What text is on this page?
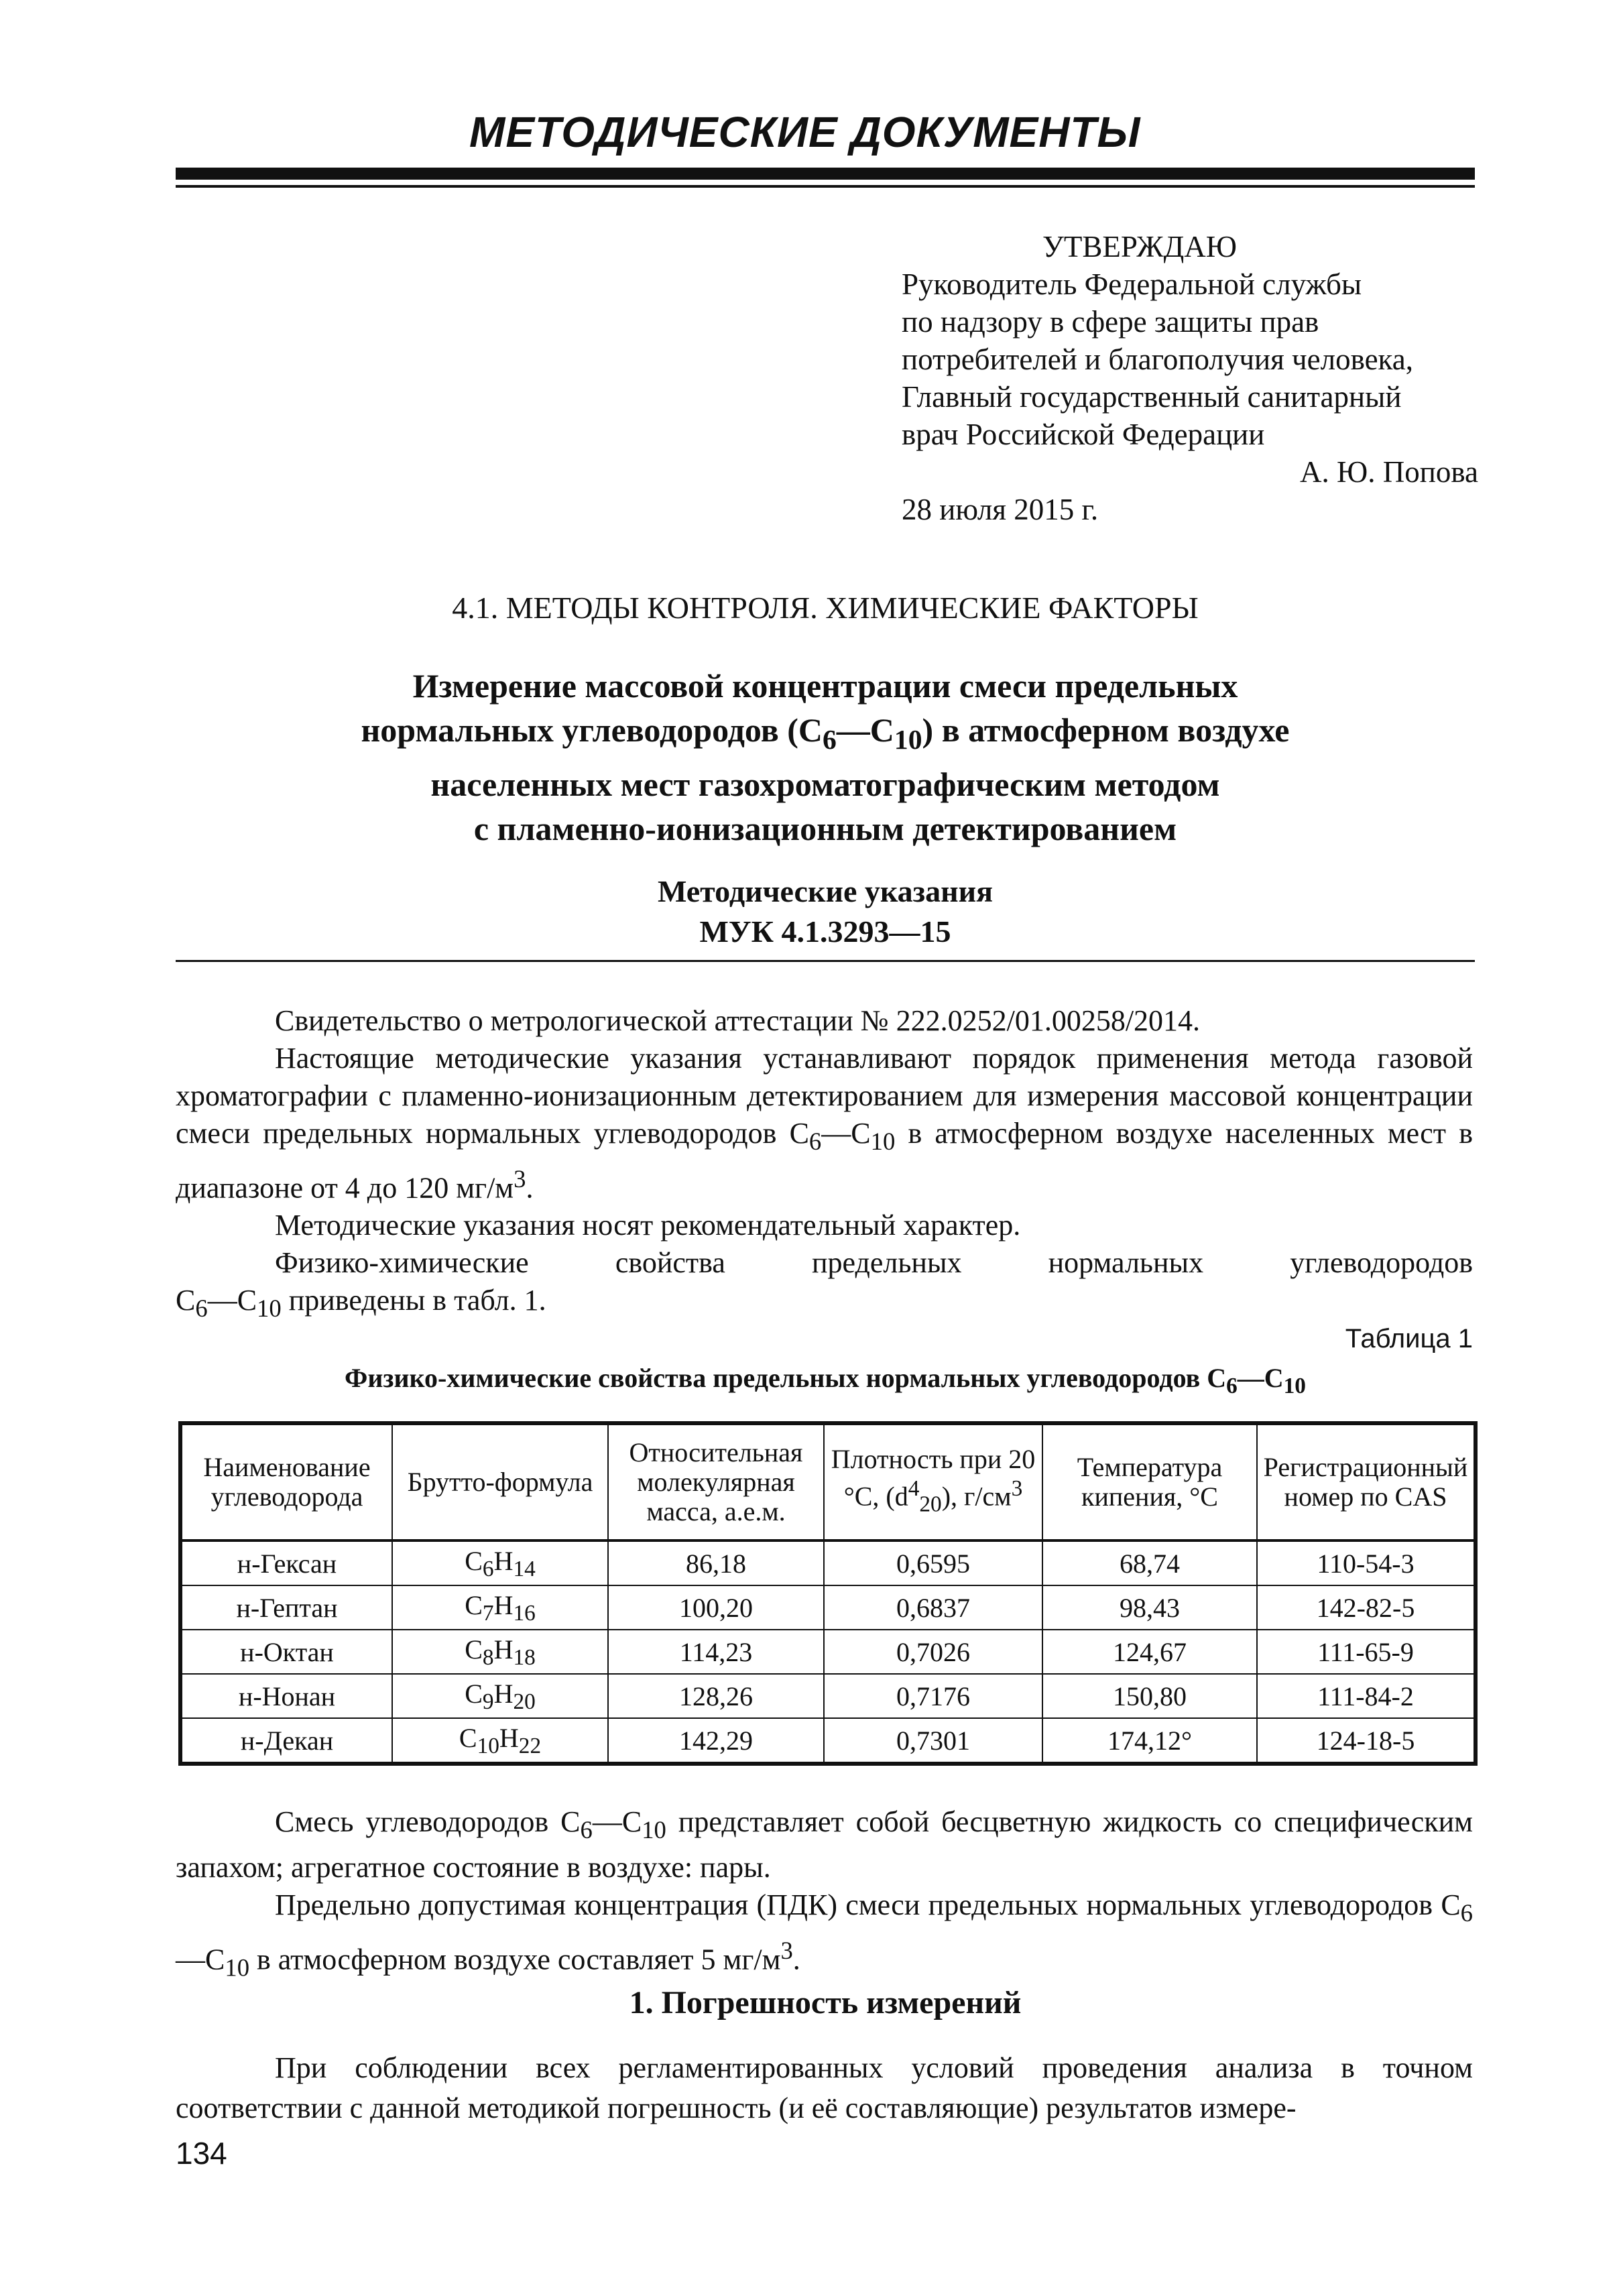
МЕТОДИЧЕСКИЕ ДОКУМЕНТЫ
УТВЕРЖДАЮ
Руководитель Федеральной службы
по надзору в сфере защиты прав
потребителей и благополучия человека,
Главный государственный санитарный
врач Российской Федерации
А. Ю. Попова
28 июля 2015 г.
4.1. МЕТОДЫ КОНТРОЛЯ. ХИМИЧЕСКИЕ ФАКТОРЫ
Измерение массовой концентрации смеси предельных
нормальных углеводородов $(C_6—C_{10})$ в атмосферном воздухе
населенных мест газохроматографическим методом
с пламенно-ионизационным детектированием
Методические указания
МУК 4.1.3293—15

Свидетельство о метрологической аттестации № 222.0252/01.00258/2014.

Настоящие методические указания устанавливают порядок применения метода газовой хроматографии с пламенно-ионизационным детектированием для измерения массовой концентрации смеси предельных нормальных углеводородов $C_6—C_{10}$ в атмосферном воздухе населенных мест в диапазоне от 4 до 120 $мг/м^3$.

Методические указания носят рекомендательный характер.

Физико-химические свойства предельных нормальных углеводородов

$C_6—C_{10}$ приведены в табл. 1.

Таблица 1
Физико-химические свойства предельных нормальных углеводородов $C_6—C_{10}$
Наименование углеводорода	Брутто-формула	Относительная молекулярная масса, а.е.м.	Плотность при 20 °C, $(d^4_{20})$, $г/см^3$	Температура кипения, °C	Регистрационный номер по CAS
н-Гексан	$C_6H_{14}$	86,18	0,6595	68,74	110-54-3
н-Гептан	$C_7H_{16}$	100,20	0,6837	98,43	142-82-5
н-Октан	$C_8H_{18}$	114,23	0,7026	124,67	111-65-9
н-Нонан	$C_9H_{20}$	128,26	0,7176	150,80	111-84-2
н-Декан	$C_{10}H_{22}$	142,29	0,7301	174,12°	124-18-5

Смесь углеводородов $C_6—C_{10}$ представляет собой бесцветную жидкость со специфическим запахом; агрегатное состояние в воздухе: пары.

Предельно допустимая концентрация (ПДК) смеси предельных нормальных углеводородов $C_6—C_{10}$ в атмосферном воздухе составляет 5 $мг/м^3$.

1. Погрешность измерений

При соблюдении всех регламентированных условий проведения анализа в точном соответствии с данной методикой погрешность (и её составляющие) результатов измере-

134
